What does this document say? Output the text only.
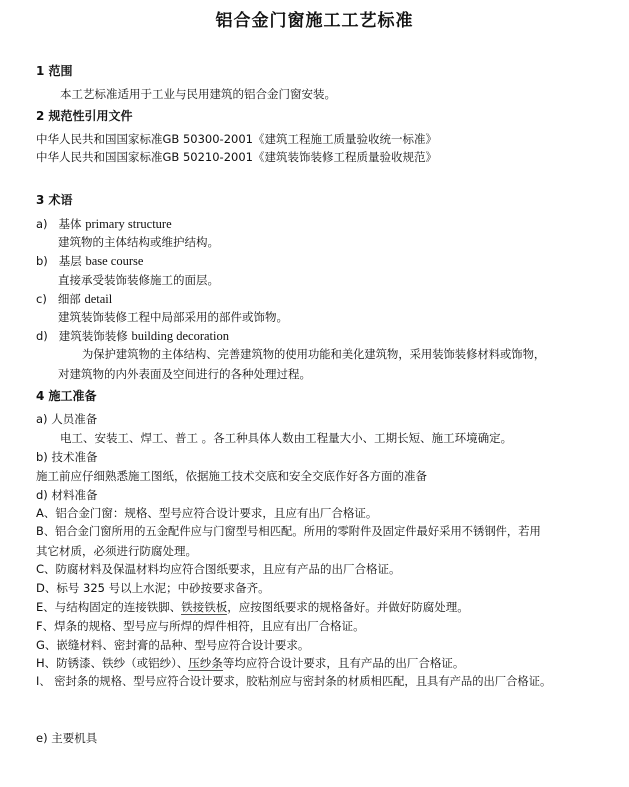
铝合金门窗施工工艺标准
1 范围
本工艺标准适用于工业与民用建筑的铝合金门窗安装。
2 规范性引用文件
中华人民共和国国家标准GB 50300-2001《建筑工程施工质量验收统一标准》
中华人民共和国国家标准GB 50210-2001《建筑装饰装修工程质量验收规范》
3 术语
a) 基体 primary structure
建筑物的主体结构或维护结构。
b) 基层 base course
直接承受装饰装修施工的面层。
c) 细部 detail
建筑装饰装修工程中局部采用的部件或饰物。
d) 建筑装饰装修 building decoration
为保护建筑物的主体结构、完善建筑物的使用功能和美化建筑物，采用装饰装修材料或饰物，
对建筑物的内外表面及空间进行的各种处理过程。
4 施工准备
a) 人员准备
电工、安装工、焊工、普工 。各工种具体人数由工程量大小、工期长短、施工环境确定。
b) 技术准备
施工前应仔细熟悉施工图纸，依据施工技术交底和安全交底作好各方面的准备
d) 材料准备
A、铝合金门窗：规格、型号应符合设计要求，且应有出厂合格证。
B、铝合金门窗所用的五金配件应与门窗型号相匹配。所用的零附件及固定件最好采用不锈钢件，若用
其它材质，必须进行防腐处理。
C、防腐材料及保温材料均应符合图纸要求，且应有产品的出厂合格证。
D、标号 325 号以上水泥；中砂按要求备齐。
E、与结构固定的连接铁脚、铁接铁板，应按图纸要求的规格备好。并做好防腐处理。
F、焊条的规格、型号应与所焊的焊件相符，且应有出厂合格证。
G、嵌缝材料、密封膏的品种、型号应符合设计要求。
H、防锈漆、铁纱（或铝纱）、压纱条等均应符合设计要求，且有产品的出厂合格证。
I、 密封条的规格、型号应符合设计要求，胶粘剂应与密封条的材质相匹配，且具有产品的出厂合格证。
e) 主要机具
